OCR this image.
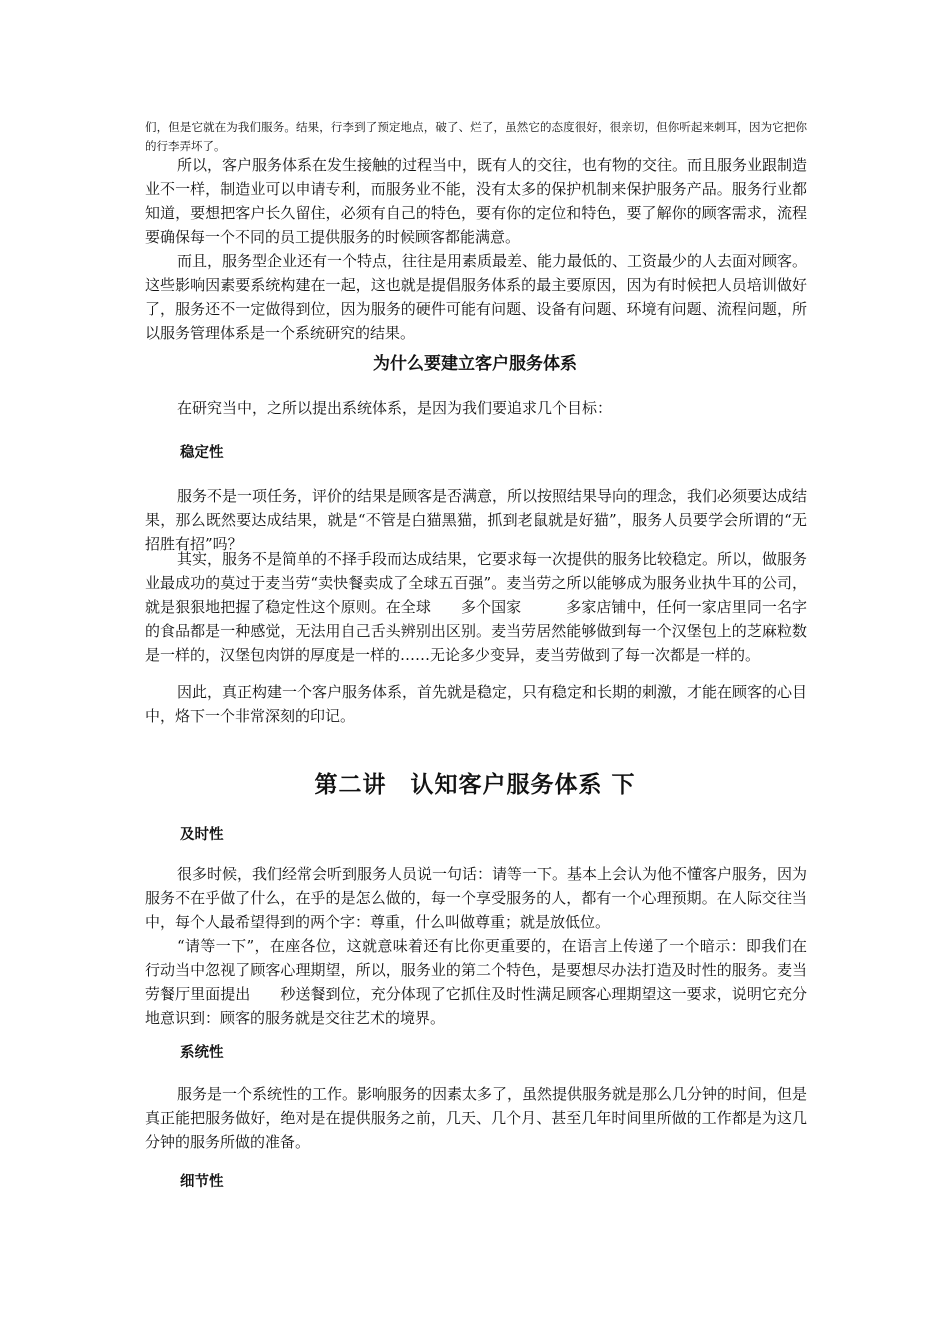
们，但是它就在为我们服务。结果，行李到了预定地点，破了、烂了，虽然它的态度很好，很亲切，但你听起来刺耳，因为它把你的行李弄坏了。

所以，客户服务体系在发生接触的过程当中，既有人的交往，也有物的交往。而且服务业跟制造业不一样，制造业可以申请专利，而服务业不能，没有太多的保护机制来保护服务产品。服务行业都知道，要想把客户长久留住，必须有自己的特色，要有你的定位和特色，要了解你的顾客需求，流程要确保每一个不同的员工提供服务的时候顾客都能满意。

而且，服务型企业还有一个特点，往往是用素质最差、能力最低的、工资最少的人去面对顾客。这些影响因素要系统构建在一起，这也就是提倡服务体系的最主要原因，因为有时候把人员培训做好了，服务还不一定做得到位，因为服务的硬件可能有问题、设备有问题、环境有问题、流程问题，所以服务管理体系是一个系统研究的结果。

为什么要建立客户服务体系

在研究当中，之所以提出系统体系，是因为我们要追求几个目标：

稳定性

服务不是一项任务，评价的结果是顾客是否满意，所以按照结果导向的理念，我们必须要达成结果，那么既然要达成结果，就是“不管是白猫黑猫，抓到老鼠就是好猫”，服务人员要学会所谓的“无招胜有招”吗？

其实，服务不是简单的不择手段而达成结果，它要求每一次提供的服务比较稳定。所以，做服务业最成功的莫过于麦当劳“卖快餐卖成了全球五百强”。麦当劳之所以能够成为服务业执牛耳的公司，就是狠狠地把握了稳定性这个原则。在全球　　多个国家　　　多家店铺中，任何一家店里同一名字的食品都是一种感觉，无法用自己舌头辨别出区别。麦当劳居然能够做到每一个汉堡包上的芝麻粒数是一样的，汉堡包肉饼的厚度是一样的……无论多少变异，麦当劳做到了每一次都是一样的。

因此，真正构建一个客户服务体系，首先就是稳定，只有稳定和长期的刺激，才能在顾客的心目中，烙下一个非常深刻的印记。

第二讲　认知客户服务体系 下
及时性

很多时候，我们经常会听到服务人员说一句话：请等一下。基本上会认为他不懂客户服务，因为服务不在乎做了什么，在乎的是怎么做的，每一个享受服务的人，都有一个心理预期。在人际交往当中，每个人最希望得到的两个字：尊重，什么叫做尊重；就是放低位。

“请等一下”，在座各位，这就意味着还有比你更重要的，在语言上传递了一个暗示：即我们在行动当中忽视了顾客心理期望，所以，服务业的第二个特色，是要想尽办法打造及时性的服务。麦当劳餐厅里面提出　　秒送餐到位，充分体现了它抓住及时性满足顾客心理期望这一要求，说明它充分地意识到：顾客的服务就是交往艺术的境界。

系统性

服务是一个系统性的工作。影响服务的因素太多了，虽然提供服务就是那么几分钟的时间，但是真正能把服务做好，绝对是在提供服务之前，几天、几个月、甚至几年时间里所做的工作都是为这几分钟的服务所做的准备。

细节性
